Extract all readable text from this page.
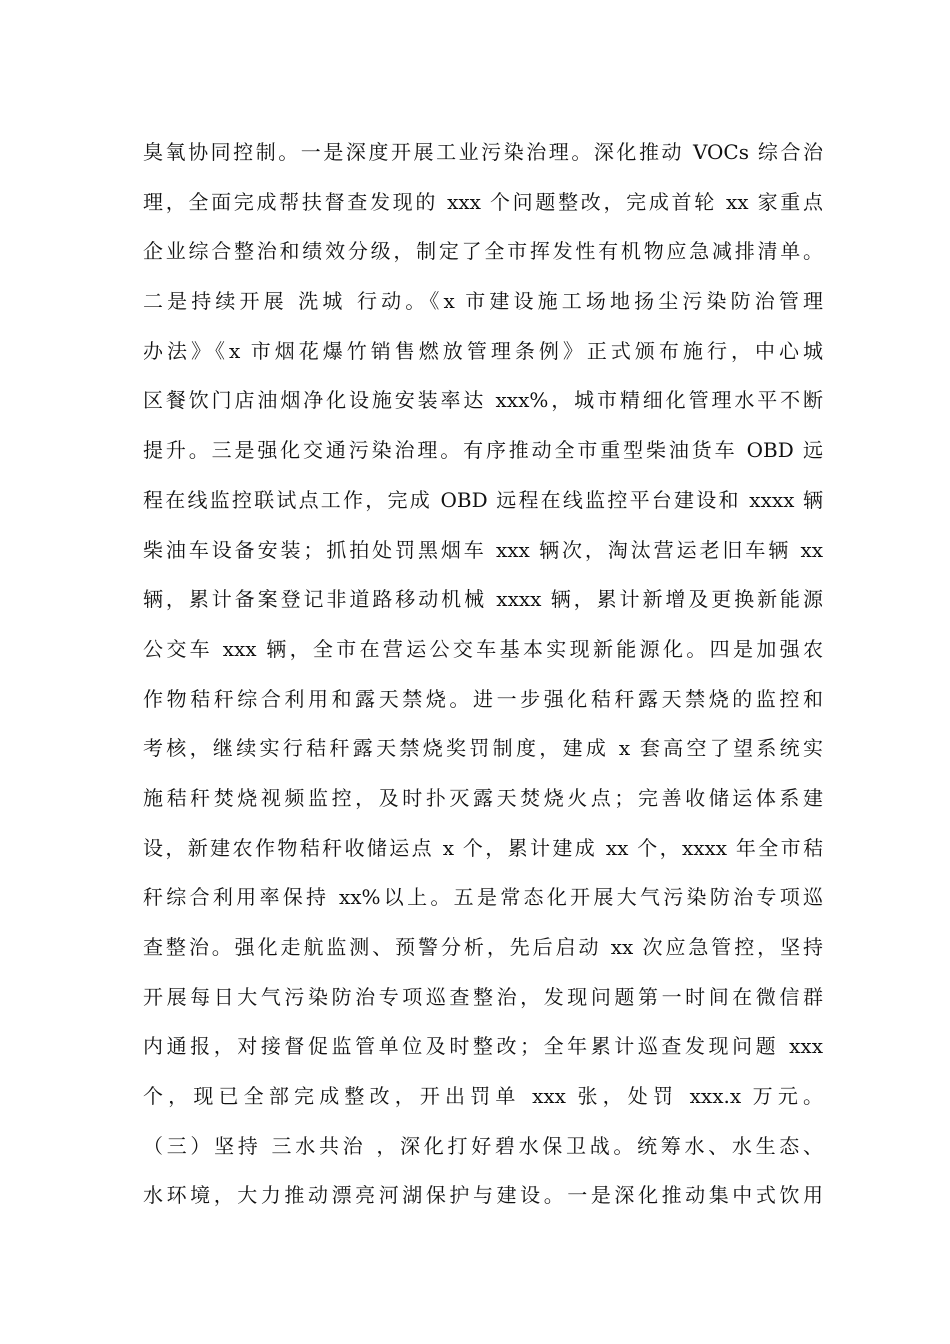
臭氧协同控制。一是深度开展工业污染治理。深化推动 VOCs 综合治
理，全面完成帮扶督查发现的 xxx 个问题整改，完成首轮 xx 家重点
企业综合整治和绩效分级，制定了全市挥发性有机物应急减排清单。
二是持续开展 洗城 行动。《x 市建设施工场地扬尘污染防治管理
办法》《x 市烟花爆竹销售燃放管理条例》正式颁布施行，中心城
区餐饮门店油烟净化设施安装率达 xxx%，城市精细化管理水平不断
提升。三是强化交通污染治理。有序推动全市重型柴油货车 OBD 远
程在线监控联试点工作，完成 OBD 远程在线监控平台建设和 xxxx 辆
柴油车设备安装；抓拍处罚黑烟车 xxx 辆次，淘汰营运老旧车辆 xx
辆，累计备案登记非道路移动机械 xxxx 辆，累计新增及更换新能源
公交车 xxx 辆，全市在营运公交车基本实现新能源化。四是加强农
作物秸秆综合利用和露天禁烧。进一步强化秸秆露天禁烧的监控和
考核，继续实行秸秆露天禁烧奖罚制度，建成 x 套高空了望系统实
施秸秆焚烧视频监控，及时扑灭露天焚烧火点；完善收储运体系建
设，新建农作物秸秆收储运点 x 个，累计建成 xx 个，xxxx 年全市秸
秆综合利用率保持 xx%以上。五是常态化开展大气污染防治专项巡
查整治。强化走航监测、预警分析，先后启动 xx 次应急管控，坚持
开展每日大气污染防治专项巡查整治，发现问题第一时间在微信群
内通报，对接督促监管单位及时整改；全年累计巡查发现问题 xxx
个，现已全部完成整改，开出罚单 xxx 张，处罚 xxx.x 万元。
（三）坚持 三水共治 ，深化打好碧水保卫战。统筹水、水生态、
水环境，大力推动漂亮河湖保护与建设。一是深化推动集中式饮用
